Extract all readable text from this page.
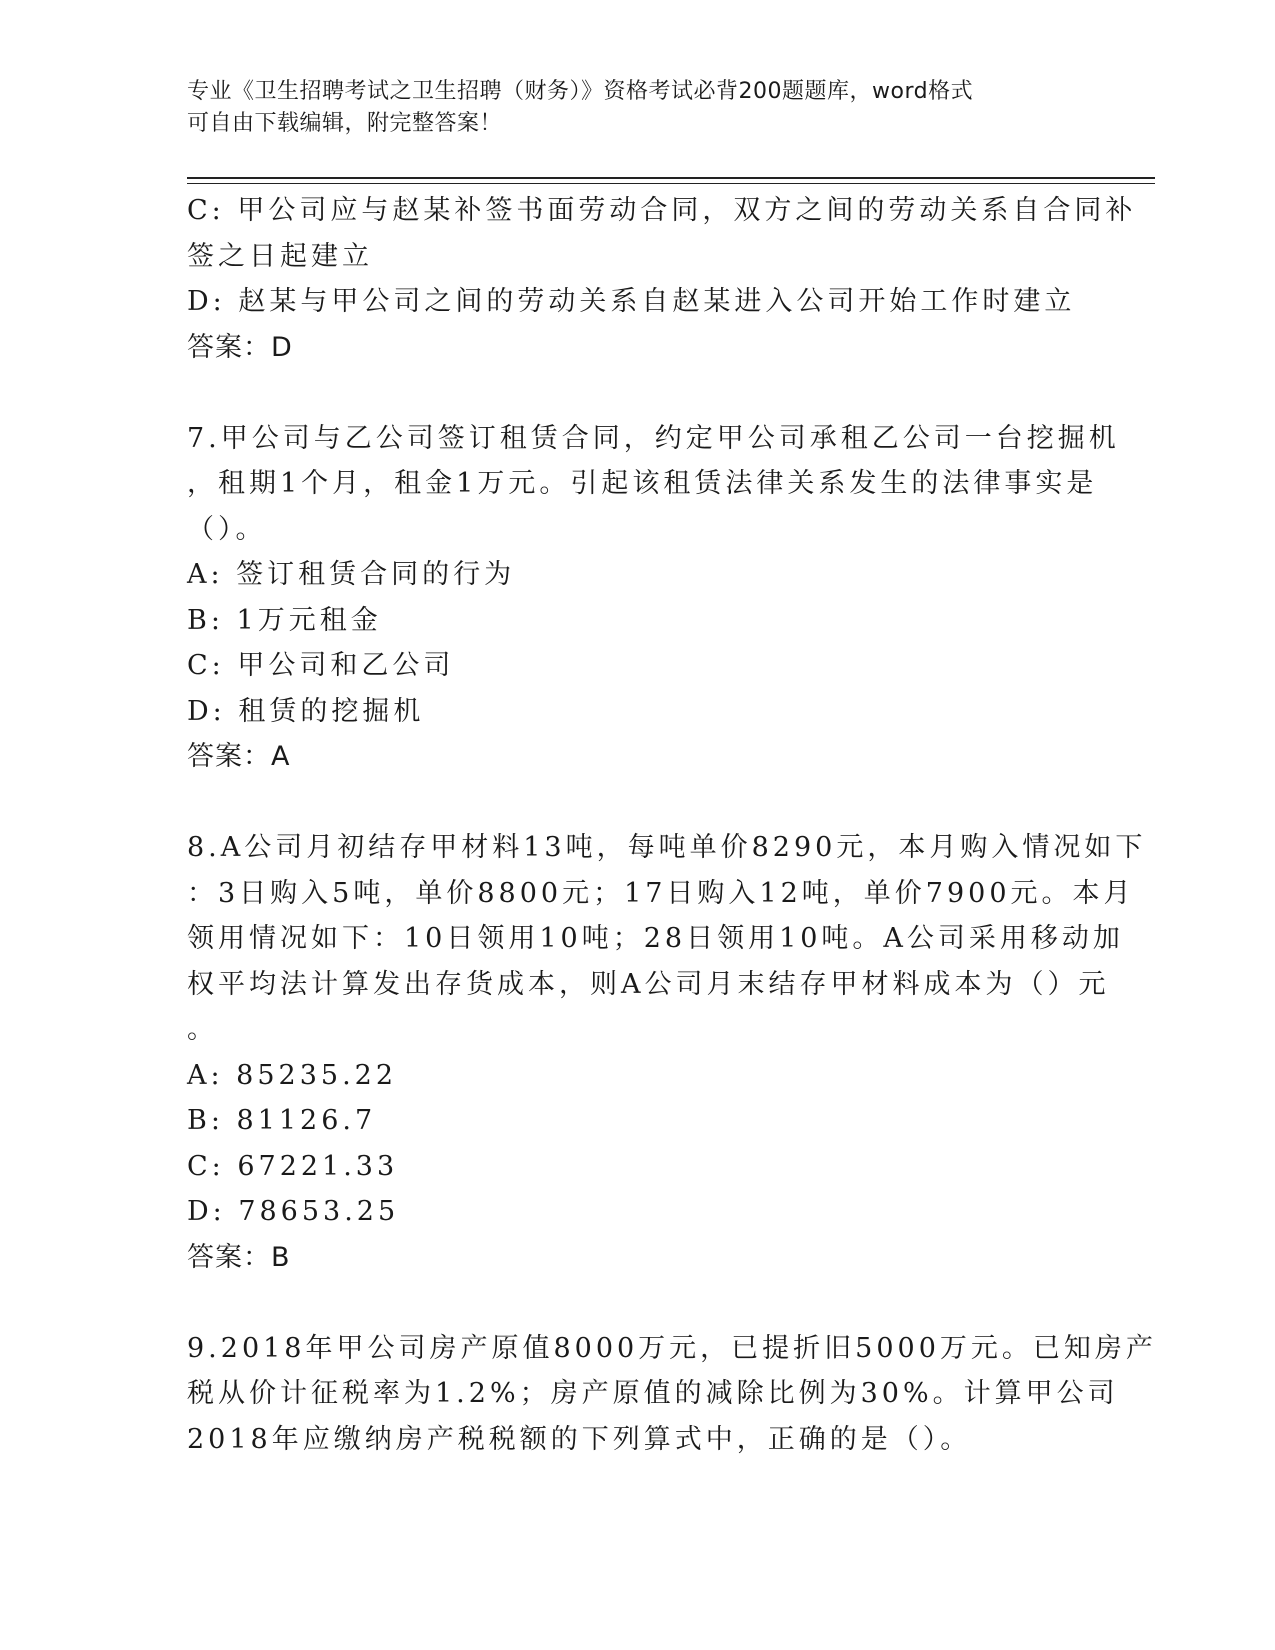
专业《卫生招聘考试之卫生招聘（财务）》资格考试必背200题题库，word格式
可自由下载编辑，附完整答案！
C: 甲公司应与赵某补签书面劳动合同，双方之间的劳动关系自合同补
签之日起建立
D: 赵某与甲公司之间的劳动关系自赵某进入公司开始工作时建立
答案：D
7.甲公司与乙公司签订租赁合同，约定甲公司承租乙公司一台挖掘机
，租期1个月，租金1万元。引起该租赁法律关系发生的法律事实是
（）。
A: 签订租赁合同的行为
B: 1万元租金
C: 甲公司和乙公司
D: 租赁的挖掘机
答案：A
8.A公司月初结存甲材料13吨，每吨单价8290元，本月购入情况如下
：3日购入5吨，单价8800元；17日购入12吨，单价7900元。本月
领用情况如下：10日领用10吨；28日领用10吨。A公司采用移动加
权平均法计算发出存货成本，则A公司月末结存甲材料成本为（）元
。
A: 85235.22
B: 81126.7
C: 67221.33
D: 78653.25
答案：B
9.2018年甲公司房产原值8000万元，已提折旧5000万元。已知房产
税从价计征税率为1.2%；房产原值的减除比例为30%。计算甲公司
2018年应缴纳房产税税额的下列算式中，正确的是（）。
